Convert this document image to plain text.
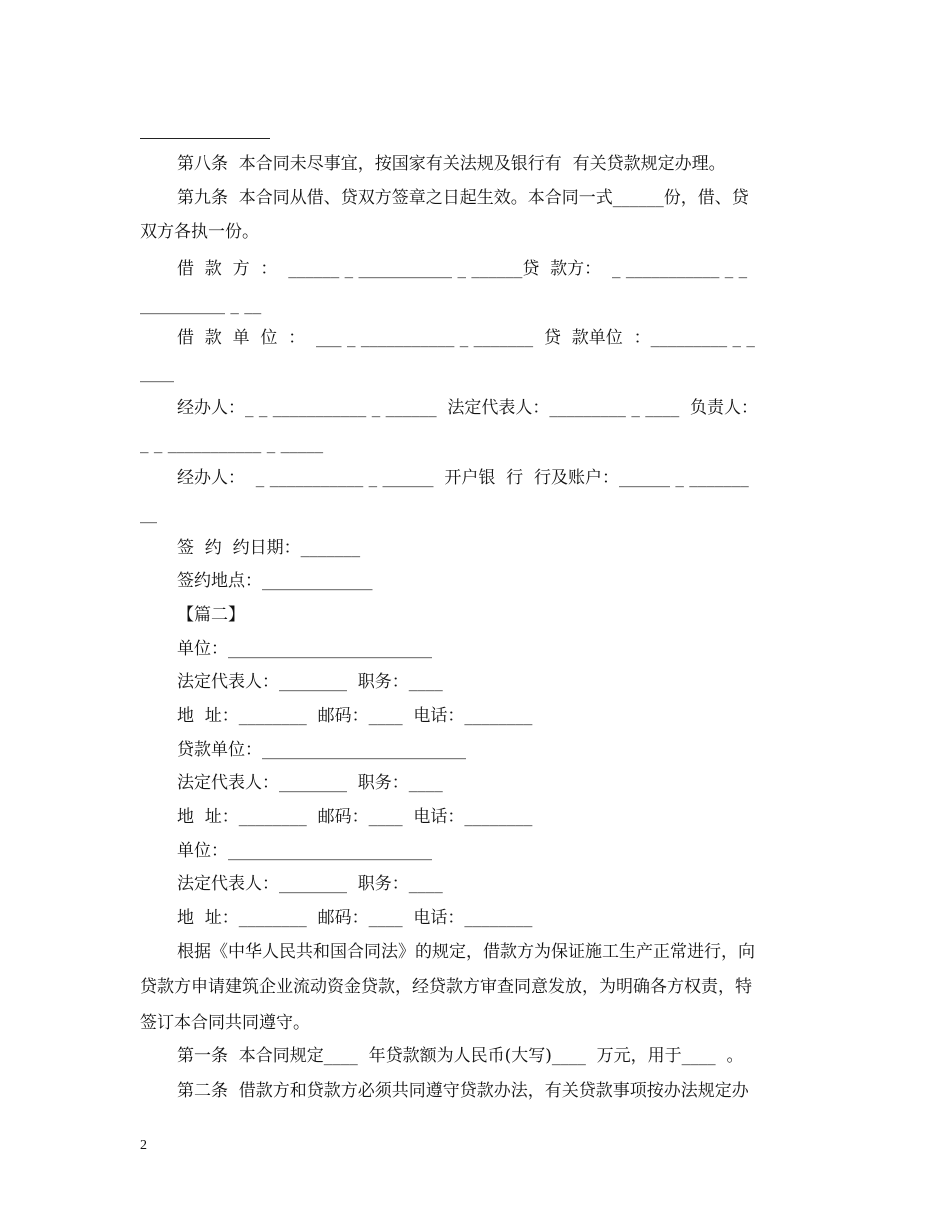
第八条  本合同未尽事宜，按国家有关法规及银行有  有关贷款规定办理。
第九条  本合同从借、贷双方签章之日起生效。本合同一式______份，借、贷
双方各执一份。
借  款  方  ：  ______ _ ___________ _ ______贷  款方：  _ ___________ _ _
__________ _ __
借  款  单  位  ：  ___ _ ___________ _ _______  贷  款单位  ：_________ _ _
____
经办人：_ _ ___________ _ ______  法定代表人：_________ _ ____  负责人：
_ _ ___________ _ _____
经办人：  _ ___________ _ ______  开户银  行  行及账户：______ _ _______
__
签  约  约日期：_______
签约地点：_____________
【篇二】
单位：________________________
法定代表人：________  职务：____
地  址：________  邮码：____  电话：________
贷款单位：________________________
法定代表人：________  职务：____
地  址：________  邮码：____  电话：________
单位：________________________
法定代表人：________  职务：____
地  址：________  邮码：____  电话：________
根据《中华人民共和国合同法》的规定，借款方为保证施工生产正常进行，向
贷款方申请建筑企业流动资金贷款，经贷款方审查同意发放，为明确各方权责，特
签订本合同共同遵守。
第一条  本合同规定____  年贷款额为人民币(大写)____  万元，用于____  。
第二条  借款方和贷款方必须共同遵守贷款办法，有关贷款事项按办法规定办
2
